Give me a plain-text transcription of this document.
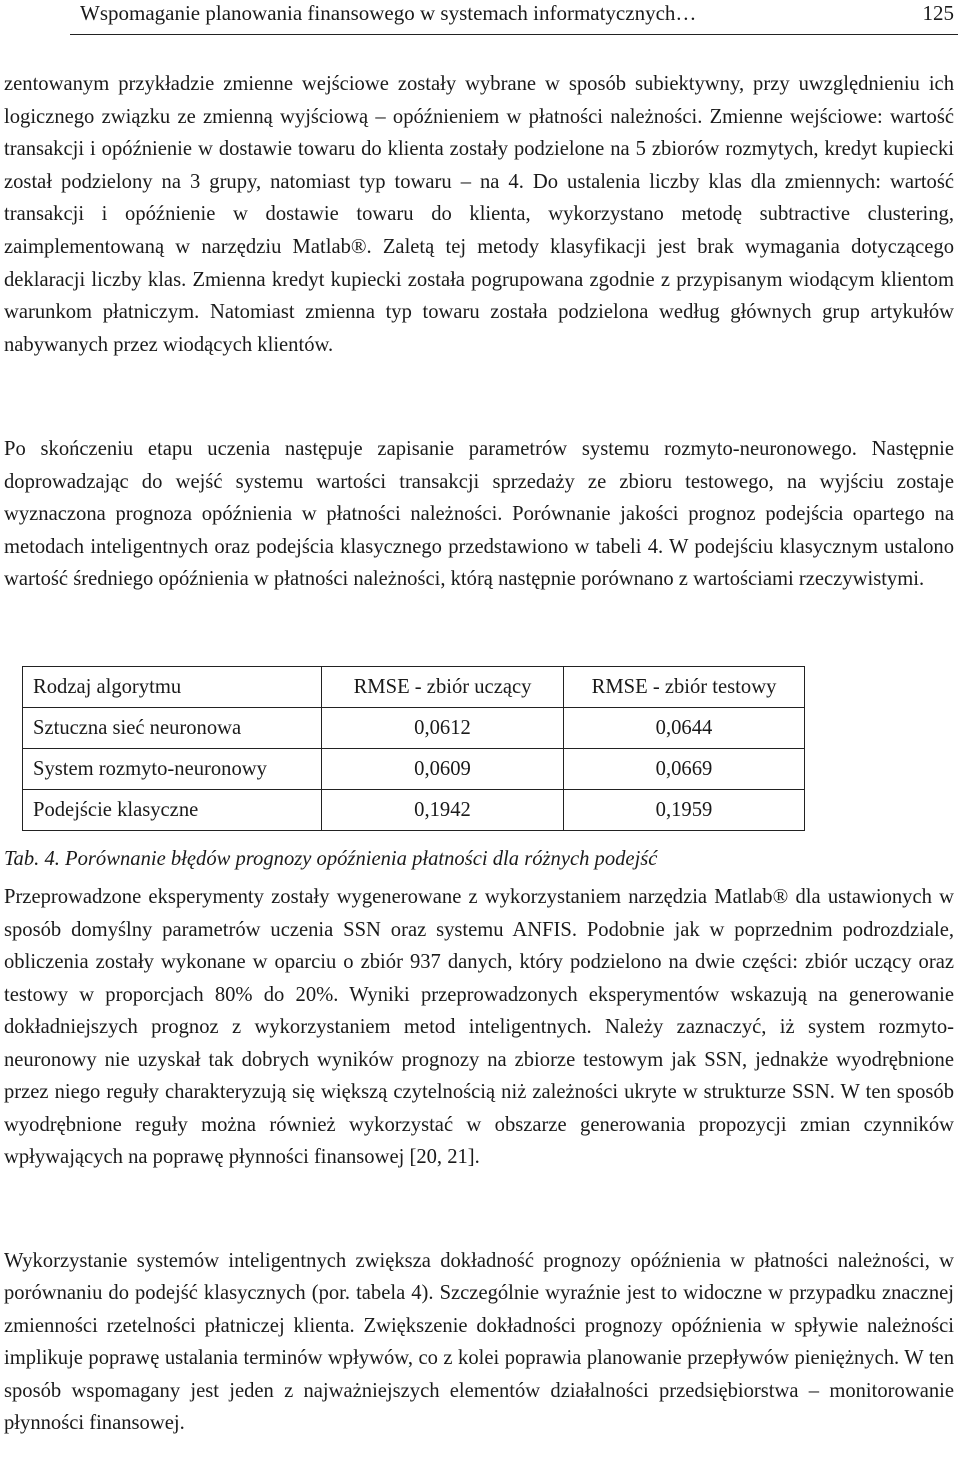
Wspomaganie planowania finansowego w systemach informatycznych…	125

zentowanym przykładzie zmienne wejściowe zostały wybrane w sposób subiektywny, przy uwzględnieniu ich logicznego związku ze zmienną wyjściową – opóźnieniem w płatności należności. Zmienne wejściowe: wartość transakcji i opóźnienie w dostawie towaru do klienta zostały podzielone na 5 zbiorów rozmytych, kredyt kupiecki został podzielony na 3 grupy, natomiast typ towaru – na 4. Do ustalenia liczby klas dla zmiennych: wartość transakcji i opóźnienie w dostawie towaru do klienta, wykorzystano metodę subtractive clustering, zaimplementowaną w narzędziu Matlab®. Zaletą tej metody klasyfikacji jest brak wymagania dotyczącego deklaracji liczby klas. Zmienna kredyt kupiecki została pogrupowana zgodnie z przypisanym wiodącym klientom warunkom płatniczym. Natomiast zmienna typ towaru została podzielona według głównych grup artykułów nabywanych przez wiodących klientów.

Po skończeniu etapu uczenia następuje zapisanie parametrów systemu rozmyto-neuronowego. Następnie doprowadzając do wejść systemu wartości transakcji sprzedaży ze zbioru testowego, na wyjściu zostaje wyznaczona prognoza opóźnienia w płatności należności. Porównanie jakości prognoz podejścia opartego na metodach inteligentnych oraz podejścia klasycznego przedstawiono w tabeli 4. W podejściu klasycznym ustalono wartość średniego opóźnienia w płatności należności, którą następnie porównano z wartościami rzeczywistymi.

Rodzaj algorytmu	RMSE - zbiór uczący	RMSE - zbiór testowy
Sztuczna sieć neuronowa	0,0612	0,0644
System rozmyto-neuronowy	0,0609	0,0669
Podejście klasyczne	0,1942	0,1959
Tab. 4. Porównanie błędów prognozy opóźnienia płatności dla różnych podejść

Przeprowadzone eksperymenty zostały wygenerowane z wykorzystaniem narzędzia Matlab® dla ustawionych w sposób domyślny parametrów uczenia SSN oraz systemu ANFIS. Podobnie jak w poprzednim podrozdziale, obliczenia zostały wykonane w oparciu o zbiór 937 danych, który podzielono na dwie części: zbiór uczący oraz testowy w proporcjach 80% do 20%. Wyniki przeprowadzonych eksperymentów wskazują na generowanie dokładniejszych prognoz z wykorzystaniem metod inteligentnych. Należy zaznaczyć, iż system rozmyto-neuronowy nie uzyskał tak dobrych wyników prognozy na zbiorze testowym jak SSN, jednakże wyodrębnione przez niego reguły charakteryzują się większą czytelnością niż zależności ukryte w strukturze SSN. W ten sposób wyodrębnione reguły można również wykorzystać w obszarze generowania propozycji zmian czynników wpływających na poprawę płynności finansowej [20, 21].

Wykorzystanie systemów inteligentnych zwiększa dokładność prognozy opóźnienia w płatności należności, w porównaniu do podejść klasycznych (por. tabela 4). Szczególnie wyraźnie jest to widoczne w przypadku znacznej zmienności rzetelności płatniczej klienta. Zwiększenie dokładności prognozy opóźnienia w spływie należności implikuje poprawę ustalania terminów wpływów, co z kolei poprawia planowanie przepływów pieniężnych. W ten sposób wspomagany jest jeden z najważniejszych elementów działalności przedsiębiorstwa – monitorowanie płynności finansowej.
